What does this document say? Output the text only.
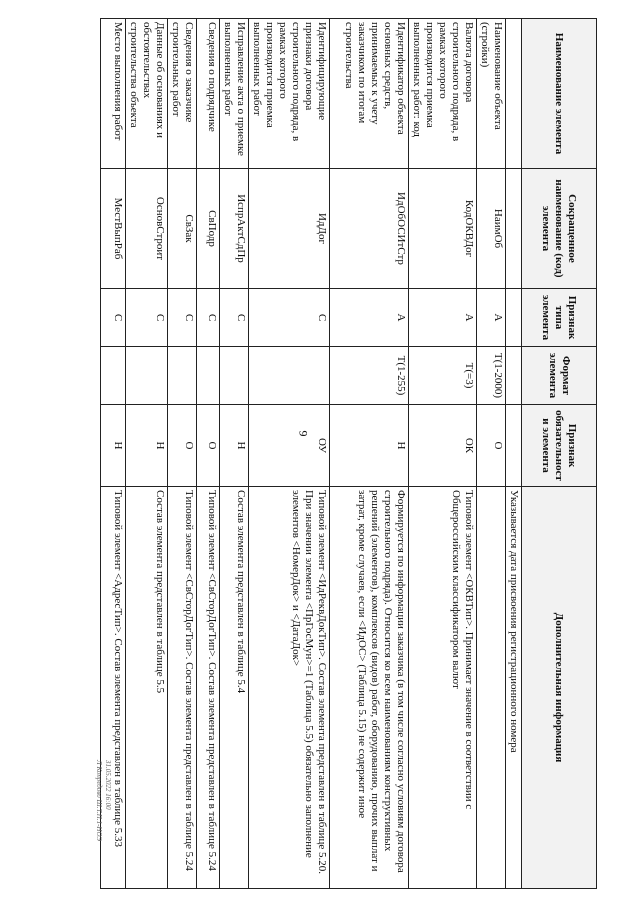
9
Наименование элемента	Сокращенное наименование (код) элемента	Признак типа элемента	Формат элемента	Признак обязательности элемента	Дополнительная информация
					Указывается дата присвоения регистрационного номера
Наименование объекта (стройки)	НаимОб	А	Т(1-2000)	О	
Валюта договора строительного подряда, в рамках которого производится приемка выполненных работ: код	КодОКВДог	А	Т(=3)	ОК	Типовой элемент <ОКВТип>. Принимает значение в соответствии с Общероссийским классификатором валют
Идентификатор объекта основных средств, принимаемых к учету заказчиком по итогам строительства	ИдОбОСИтСтр	А	Т(1-255)	Н	Формируется по информации заказчика (в том числе согласно условиям договора строительного подряда). Относится ко всем наименованиям конструктивных решений (элементов), комплексов (видов) работ, оборудованию, прочих выплат и затрат, кроме случаев, если <ИдОС> (Таблица 5.15) не содержит иное
Идентифицирующие признаки договора строительного подряда, в рамках которого производится приемка выполненных работ	ИдДог	С		ОУ	Типовой элемент <ИдРеквДокТип>. Состав элемента представлен в таблице 5.20. При значении элемента <ПрГосМун>=1 (Таблица 5.5) обязательно заполнение элементов <НомерДок> и <ДатаДок>
Исправление акта о приемке выполненных работ	ИспрАктСдПр	С		Н	Состав элемента представлен в таблице 5.4
Сведения о подрядчике	СвПодр	С		О	Типовой элемент <СвСторДогТип>. Состав элемента представлен в таблице 5.24
Сведения о заказчике строительных работ	СвЗак	С		О	Типовой элемент <СвСторДогТип>. Состав элемента представлен в таблице 5.24
Данные об основаниях и обстоятельствах строительства объекта	ОсновСтроит	С		Н	Состав элемента представлен в таблице 5.5
Место выполнения работ	МестВыпРаб	С		Н	Типовой элемент <АдресТип>. Состав элемента представлен в таблице 5.33
31.05.2022 16:00
Л Копредово Ш.Т.П.1-НОЭ
